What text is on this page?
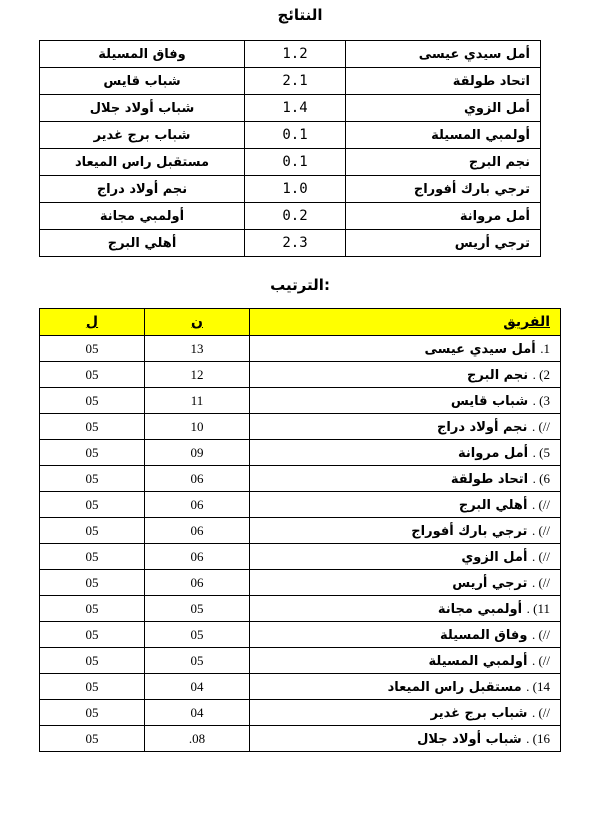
النتائج
أمل سيدي عيسى	1.2	وفاق المسيلة
اتحاد طولقة	2.1	شباب قايس
أمل الزوي	1.4	شباب أولاد جلال
أولمبي المسيلة	0.1	شباب برج غدير
نجم البرج	0.1	مستقبل راس الميعاد
ترجي بارك أفوراج	1.0	نجم أولاد دراج
أمل مروانة	0.2	أولمبي مجانة
ترجي أريس	2.3	أهلي البرج
الترتيب:
الفريق	ن	ل
1. أمل سيدي عيسى	13	05
2) . نجم البرج	12	05
3) . شباب قايس	11	05
//) . نجم أولاد دراج	10	05
5) . أمل مروانة	09	05
6) . اتحاد طولقة	06	05
//) . أهلي البرج	06	05
//) . ترجي بارك أفوراج	06	05
//) . أمل الزوي	06	05
//) . ترجي أريس	06	05
11) . أولمبي مجانة	05	05
//) . وفاق المسيلة	05	05
//) . أولمبي المسيلة	05	05
14) . مستقبل راس الميعاد	04	05
//) . شباب برج غدير	04	05
16) . شباب أولاد جلال	08.	05
